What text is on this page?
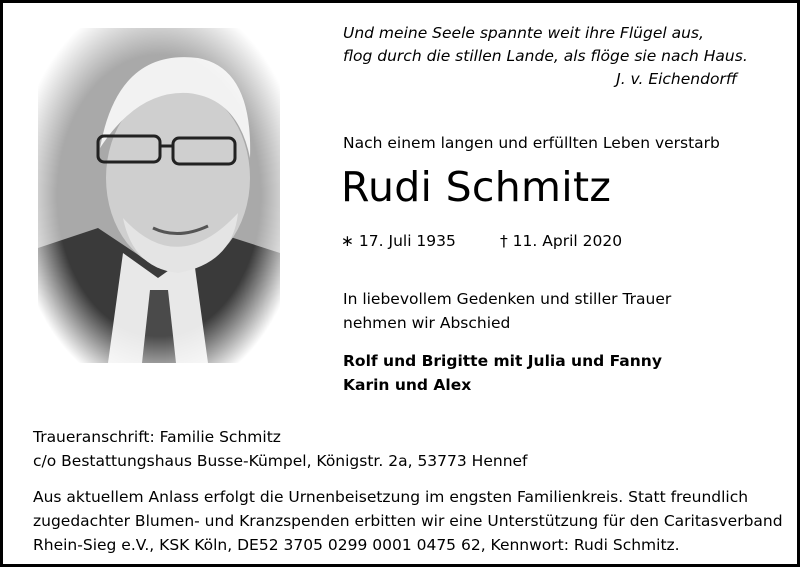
Und meine Seele spannte weit ihre Flügel aus,
flog durch die stillen Lande, als flöge sie nach Haus.
J. v. Eichendorff
Nach einem langen und erfüllten Leben verstarb
Rudi Schmitz
∗ 17. Juli 1935	† 11. April 2020
In liebevollem Gedenken und stiller Trauer
nehmen wir Abschied
Rolf und Brigitte mit Julia und Fanny
Karin und Alex
Traueranschrift: Familie Schmitz
c/o Bestattungshaus Busse-Kümpel, Königstr. 2a, 53773 Hennef
Aus aktuellem Anlass erfolgt die Urnenbeisetzung im engsten Familienkreis. Statt freundlich
zugedachter Blumen- und Kranzspenden erbitten wir eine Unterstützung für den Caritasverband
Rhein-Sieg e.V., KSK Köln, DE52 3705 0299 0001 0475 62, Kennwort: Rudi Schmitz.
